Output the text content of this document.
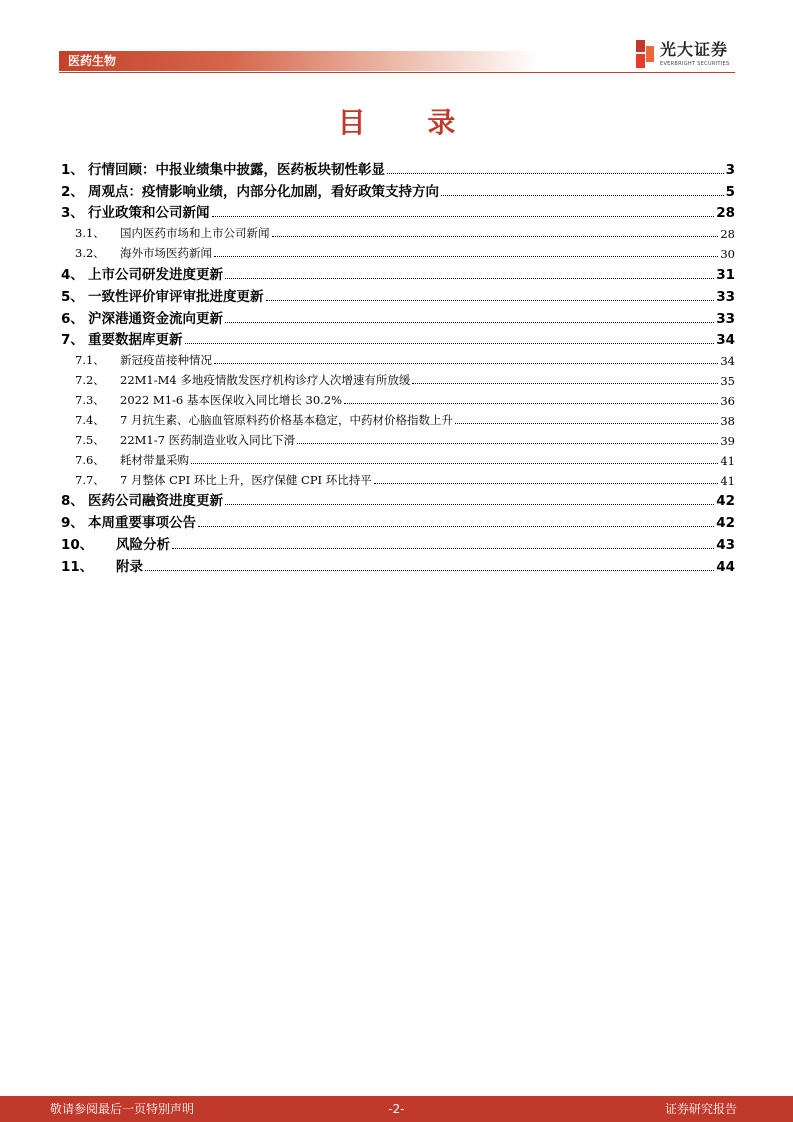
医药生物
光大证券
EVERBRIGHT SECURITIES
目 录
1、 行情回顾：中报业绩集中披露，医药板块韧性彰显	3
2、 周观点：疫情影响业绩，内部分化加剧，看好政策支持方向	5
3、 行业政策和公司新闻	28
3.1、	国内医药市场和上市公司新闻	28
3.2、	海外市场医药新闻	30
4、 上市公司研发进度更新	31
5、 一致性评价审评审批进度更新	33
6、 沪深港通资金流向更新	33
7、 重要数据库更新	34
7.1、	新冠疫苗接种情况	34
7.2、	22M1-M4 多地疫情散发医疗机构诊疗人次增速有所放缓	35
7.3、	2022 M1-6 基本医保收入同比增长 30.2%	36
7.4、	7 月抗生素、心脑血管原料药价格基本稳定，中药材价格指数上升	38
7.5、	22M1-7 医药制造业收入同比下滑	39
7.6、	耗材带量采购	41
7.7、	7 月整体 CPI 环比上升，医疗保健 CPI 环比持平	41
8、 医药公司融资进度更新	42
9、 本周重要事项公告	42
10、	风险分析	43
11、	附录	44
敬请参阅最后一页特别声明	-2-	证券研究报告
